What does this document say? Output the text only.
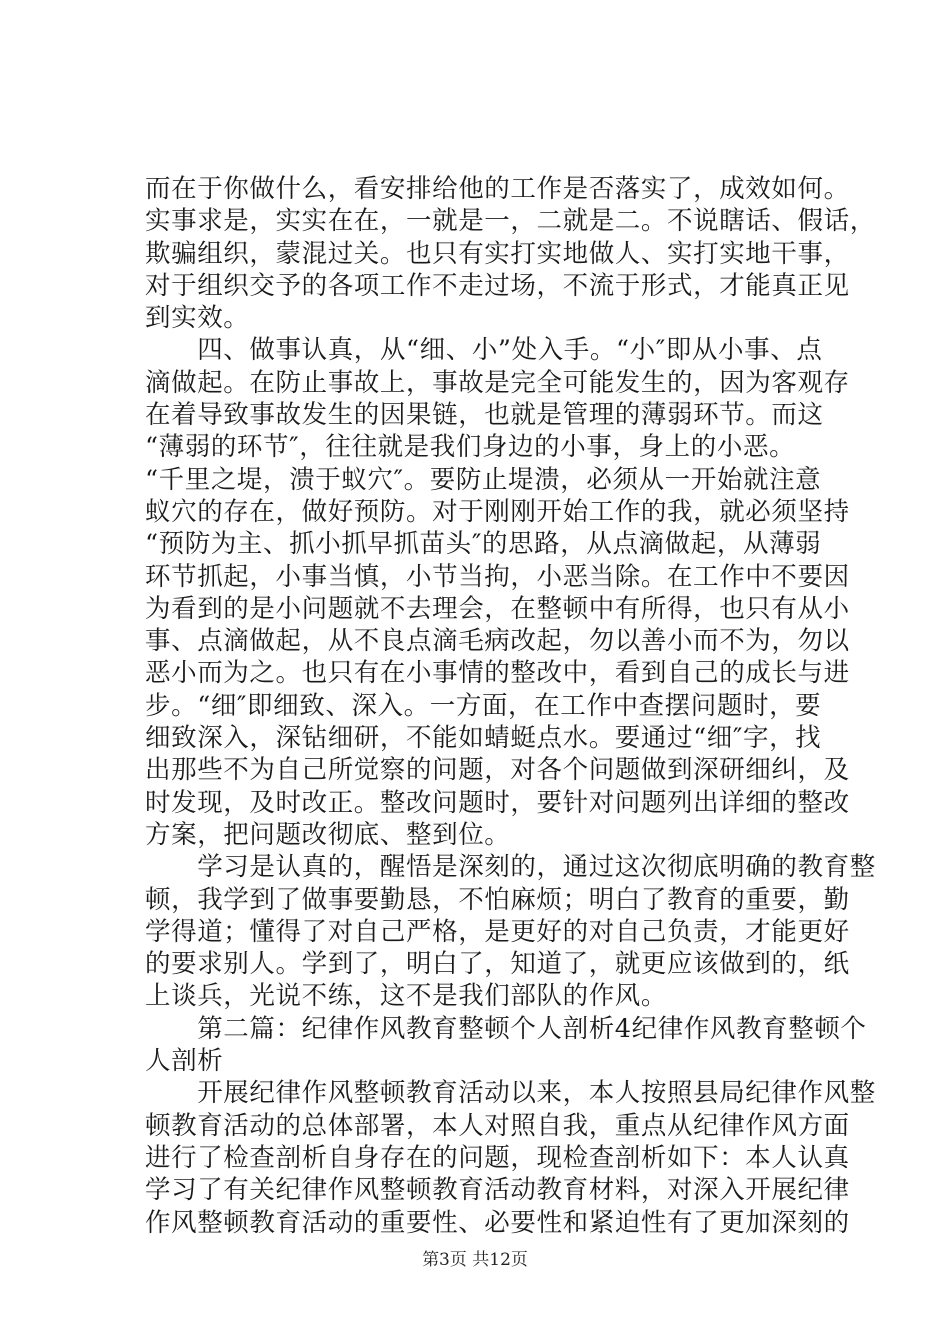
而在于你做什么，看安排给他的工作是否落实了，成效如何。
实事求是，实实在在，一就是一，二就是二。不说瞎话、假话，
欺骗组织，蒙混过关。也只有实打实地做人、实打实地干事，
对于组织交予的各项工作不走过场，不流于形式，才能真正见
到实效。
　　四、做事认真，从“细、小”处入手。“小″即从小事、点
滴做起。在防止事故上，事故是完全可能发生的，因为客观存
在着导致事故发生的因果链，也就是管理的薄弱环节。而这
“薄弱的环节″，往往就是我们身边的小事，身上的小恶。
“千里之堤，溃于蚁穴″。要防止堤溃，必须从一开始就注意
蚁穴的存在，做好预防。对于刚刚开始工作的我，就必须坚持
“预防为主、抓小抓早抓苗头″的思路，从点滴做起，从薄弱
环节抓起，小事当慎，小节当拘，小恶当除。在工作中不要因
为看到的是小问题就不去理会，在整顿中有所得，也只有从小
事、点滴做起，从不良点滴毛病改起，勿以善小而不为，勿以
恶小而为之。也只有在小事情的整改中，看到自己的成长与进
步。“细″即细致、深入。一方面，在工作中查摆问题时，要
细致深入，深钻细研，不能如蜻蜓点水。要通过“细″字，找
出那些不为自己所觉察的问题，对各个问题做到深研细纠，及
时发现，及时改正。整改问题时，要针对问题列出详细的整改
方案，把问题改彻底、整到位。
　　学习是认真的，醒悟是深刻的，通过这次彻底明确的教育整
顿，我学到了做事要勤恳，不怕麻烦；明白了教育的重要，勤
学得道；懂得了对自己严格，是更好的对自己负责，才能更好
的要求别人。学到了，明白了，知道了，就更应该做到的，纸
上谈兵，光说不练，这不是我们部队的作风。
　　第二篇：纪律作风教育整顿个人剖析4纪律作风教育整顿个
人剖析
　　开展纪律作风整顿教育活动以来，本人按照县局纪律作风整
顿教育活动的总体部署，本人对照自我，重点从纪律作风方面
进行了检查剖析自身存在的问题，现检查剖析如下：本人认真
学习了有关纪律作风整顿教育活动教育材料，对深入开展纪律
作风整顿教育活动的重要性、必要性和紧迫性有了更加深刻的
第3页 共12页
